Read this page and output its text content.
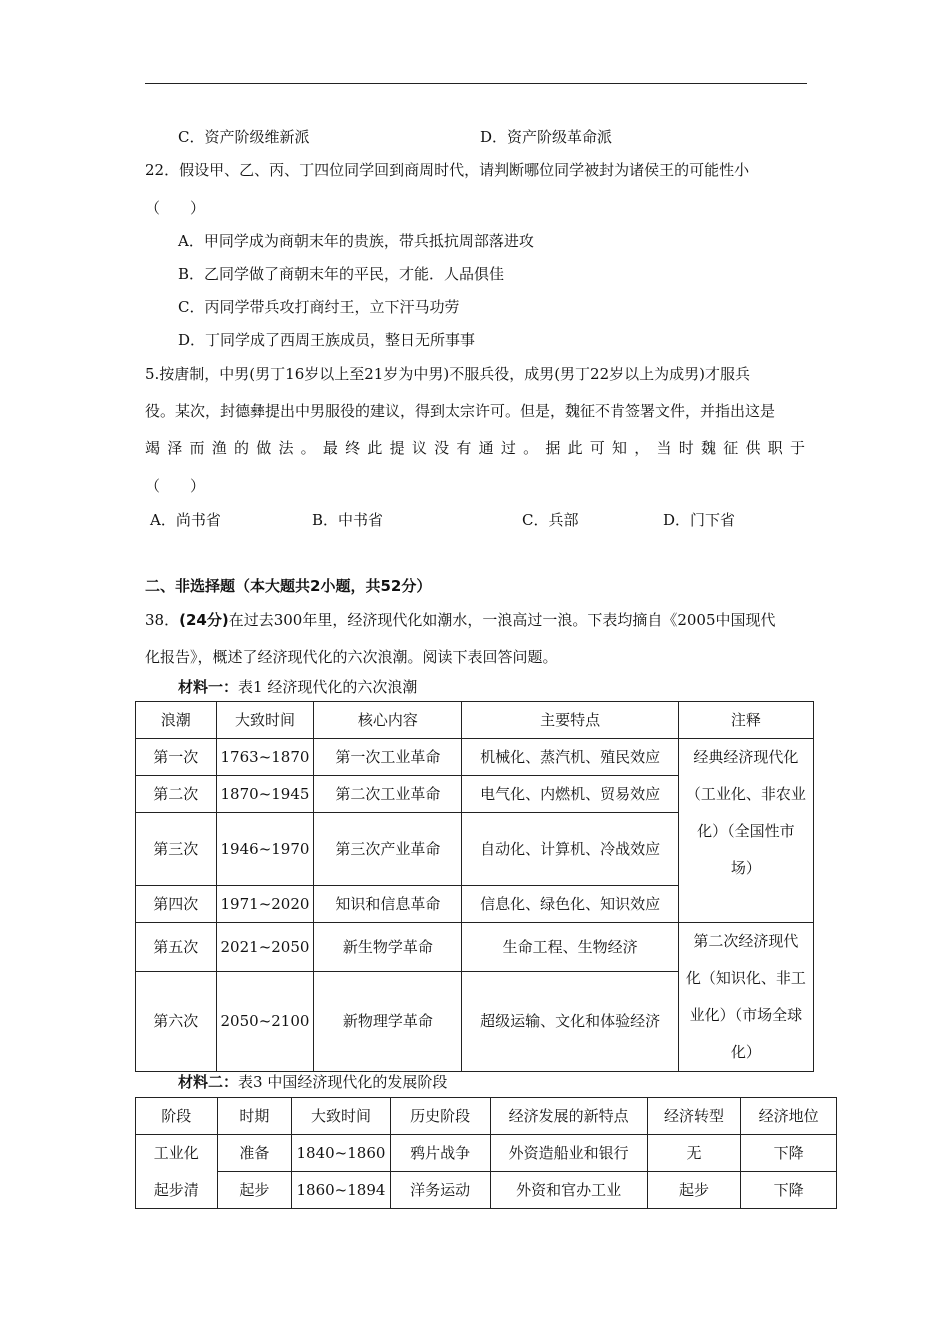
C．资产阶级维新派	D．资产阶级革命派
22．假设甲、乙、丙、丁四位同学回到商周时代，请判断哪位同学被封为诸侯王的可能性小
（　　）
A．甲同学成为商朝末年的贵族，带兵抵抗周部落进攻
B．乙同学做了商朝末年的平民，才能．人品俱佳
C．丙同学带兵攻打商纣王，立下汗马功劳
D．丁同学成了西周王族成员，整日无所事事
5.按唐制，中男(男丁16岁以上至21岁为中男)不服兵役，成男(男丁22岁以上为成男)才服兵
役。某次，封德彝提出中男服役的建议，得到太宗许可。但是，魏征不肯签署文件，并指出这是
竭泽而渔的做法。最终此提议没有通过。据此可知，当时魏征供职于
（　　）
A．尚书省	B．中书省	C．兵部	D．门下省
二、非选择题（本大题共2小题，共52分）
38．(24分)在过去300年里，经济现代化如潮水，一浪高过一浪。下表均摘自《2005中国现代
化报告》，概述了经济现代化的六次浪潮。阅读下表回答问题。
材料一：表1 经济现代化的六次浪潮
浪潮	大致时间	核心内容	主要特点	注释
第一次	1763~1870	第一次工业革命	机械化、蒸汽机、殖民效应	经典经济现代化
（工业化、非农业
化）（全国性市
场）

第二次	1870~1945	第二次工业革命	电气化、内燃机、贸易效应	
第三次	1946~1970	第三次产业革命	自动化、计算机、冷战效应	
第四次	1971~2020	知识和信息革命	信息化、绿色化、知识效应	
第五次	2021~2050	新生物学革命	生命工程、生物经济	第二次经济现代
化（知识化、非工
业化）（市场全球
化）

第六次	2050~2100	新物理学革命	超级运输、文化和体验经济	
材料二：表3 中国经济现代化的发展阶段
阶段	时期	大致时间	历史阶段	经济发展的新特点	经济转型	经济地位
工业化	准备	1840~1860	鸦片战争	外资造船业和银行	无	下降
起步清	起步	1860~1894	洋务运动	外资和官办工业	起步	下降
